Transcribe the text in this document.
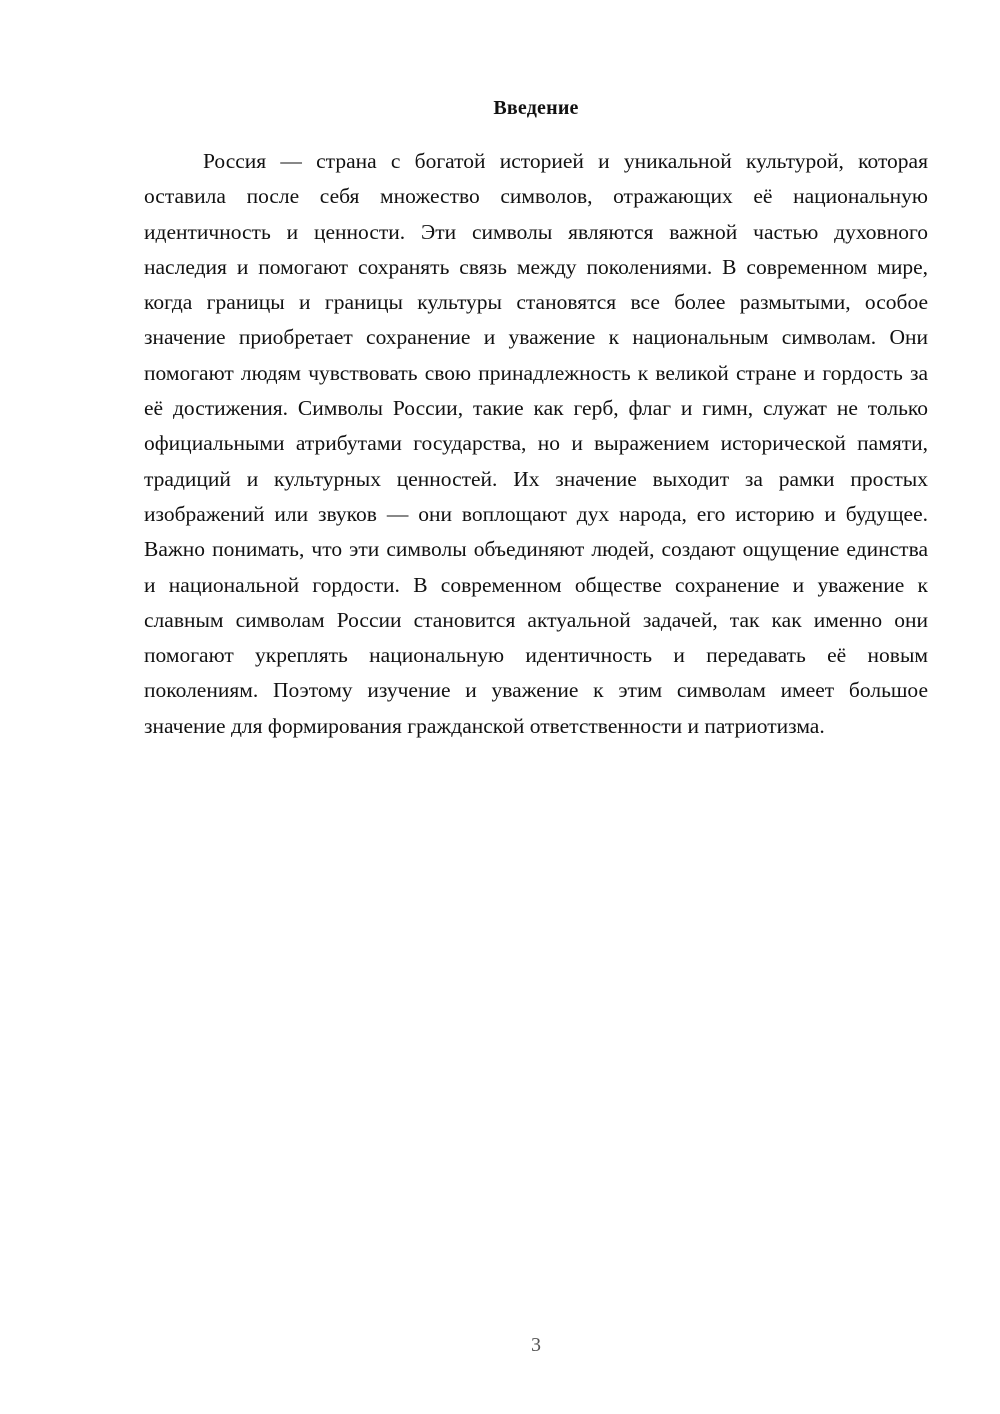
Введение

Россия — страна с богатой историей и уникальной культурой, которая оставила после себя множество символов, отражающих её национальную идентичность и ценности. Эти символы являются важной частью духовного наследия и помогают сохранять связь между поколениями. В современном мире, когда границы и границы культуры становятся все более размытыми, особое значение приобретает сохранение и уважение к национальным символам. Они помогают людям чувствовать свою принадлежность к великой стране и гордость за её достижения. Символы России, такие как герб, флаг и гимн, служат не только официальными атрибутами государства, но и выражением исторической памяти, традиций и культурных ценностей. Их значение выходит за рамки простых изображений или звуков — они воплощают дух народа, его историю и будущее. Важно понимать, что эти символы объединяют людей, создают ощущение единства и национальной гордости. В современном обществе сохранение и уважение к славным символам России становится актуальной задачей, так как именно они помогают укреплять национальную идентичность и передавать её новым поколениям. Поэтому изучение и уважение к этим символам имеет большое значение для формирования гражданской ответственности и патриотизма.

3
